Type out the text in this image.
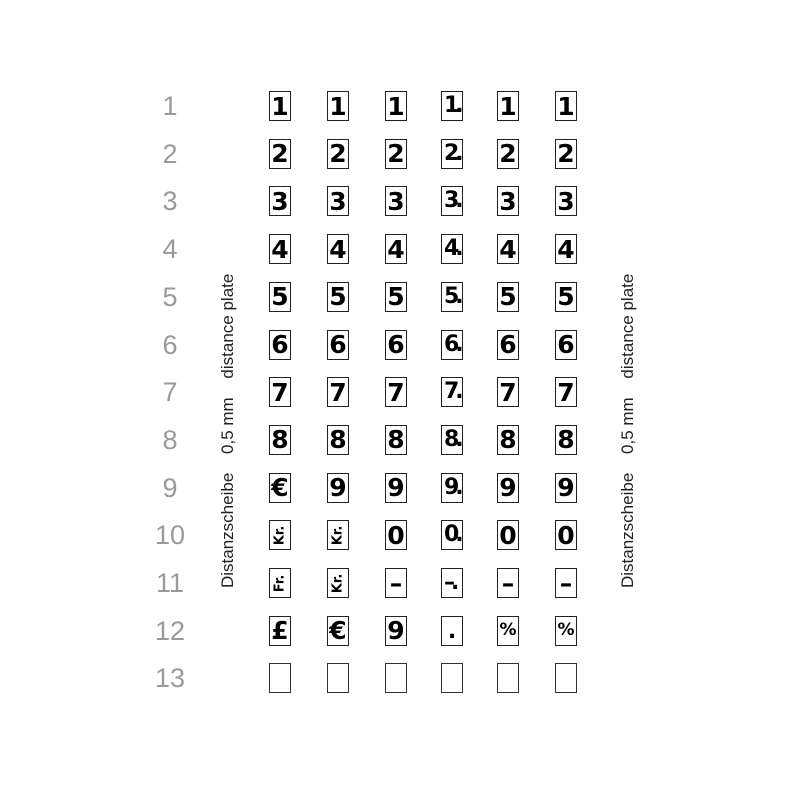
1
2
3
4
5
6
7
8
9
10
11
12
13
Distanzscheibe 0,5 mm distance plate
Distanzscheibe 0,5 mm distance plate
1
2
3
4
5
6
7
8
€
Kr.
Fr.
£
1
2
3
4
5
6
7
8
9
Kr.
Kr.
€
1
2
3
4
5
6
7
8
9
0
–
9
1.
2.
3.
4.
5.
6.
7.
8.
9.
0.
–.
.
1
2
3
4
5
6
7
8
9
0
–
%
1
2
3
4
5
6
7
8
9
0
–
%
